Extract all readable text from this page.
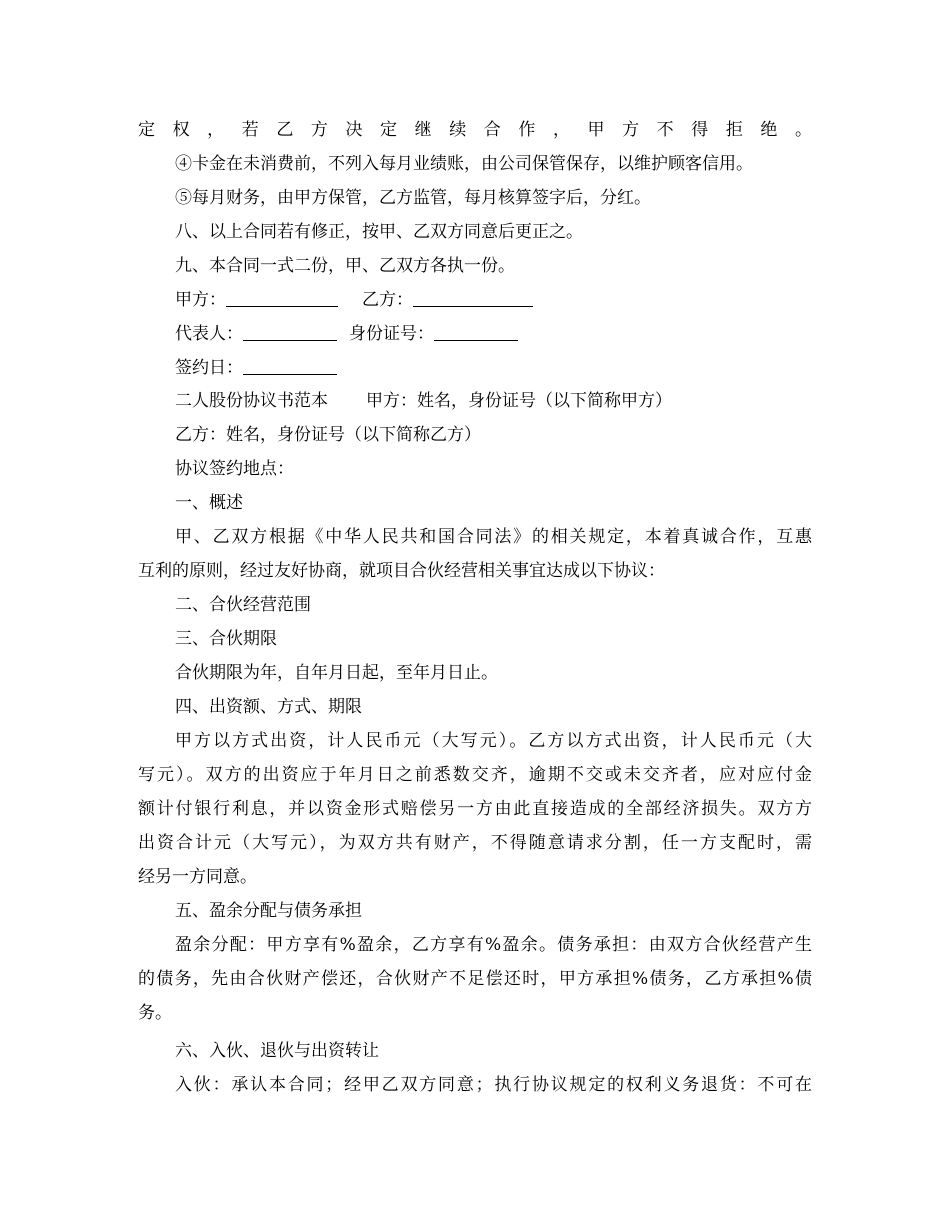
定权，若乙方决定继续合作，甲方不得拒绝。
④卡金在未消费前，不列入每月业绩账，由公司保管保存，以维护顾客信用。
⑤每月财务，由甲方保管，乙方监管，每月核算签字后，分红。
八、以上合同若有修正，按甲、乙双方同意后更正之。
九、本合同一式二份，甲、乙双方各执一份。
甲方：	乙方：
代表人：	身份证号：
签约日：
二人股份协议书范本 甲方：姓名，身份证号（以下简称甲方）
乙方：姓名，身份证号（以下简称乙方）
协议签约地点：
一、概述
甲、乙双方根据《中华人民共和国合同法》的相关规定，本着真诚合作，互惠
互利的原则，经过友好协商，就项目合伙经营相关事宜达成以下协议：
二、合伙经营范围
三、合伙期限
合伙期限为年，自年月日起，至年月日止。
四、出资额、方式、期限
甲方以方式出资，计人民币元（大写元）。乙方以方式出资，计人民币元（大
写元）。双方的出资应于年月日之前悉数交齐，逾期不交或未交齐者，应对应付金
额计付银行利息，并以资金形式赔偿另一方由此直接造成的全部经济损失。双方方
出资合计元（大写元），为双方共有财产，不得随意请求分割，任一方支配时，需
经另一方同意。
五、盈余分配与债务承担
盈余分配：甲方享有%盈余，乙方享有%盈余。债务承担：由双方合伙经营产生
的债务，先由合伙财产偿还，合伙财产不足偿还时，甲方承担%债务，乙方承担%债
务。
六、入伙、退伙与出资转让
入伙：承认本合同；经甲乙双方同意；执行协议规定的权利义务退货：不可在
